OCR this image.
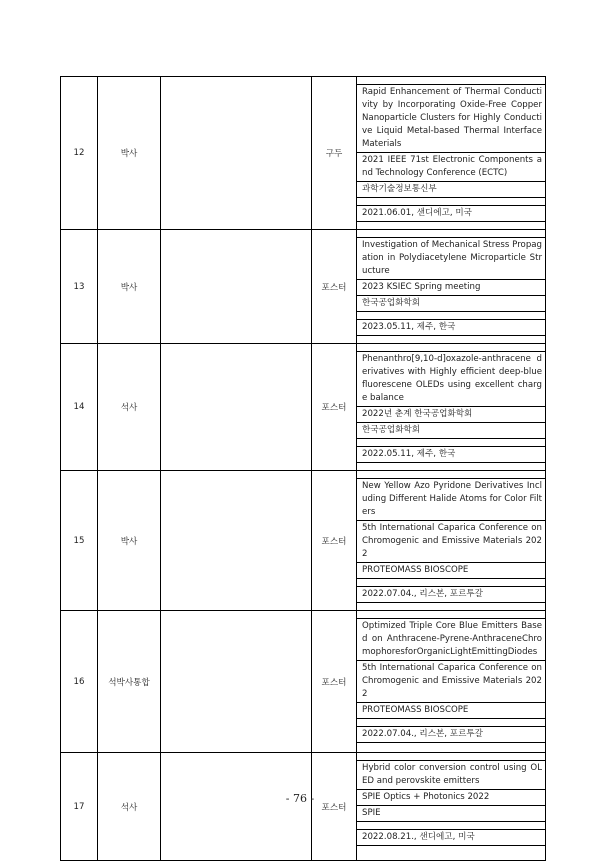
12	박사		구두	

Rapid Enhancement of Thermal Conductivity by Incorporating Oxide-Free Copper Nanoparticle Clusters for Highly Conductive Liquid Metal-based Thermal Interface Materials
2021 IEEE 71st Electronic Components and Technology Conference (ECTC)
과학기술정보통신부

2021.06.01, 샌디에고, 미국

13	박사		포스터	

Investigation of Mechanical Stress Propagation in Polydiacetylene Microparticle Structure
2023 KSIEC Spring meeting
한국공업화학회

2023.05.11, 제주, 한국

14	석사		포스터	

Phenanthro[9,10-d]oxazole-anthracene derivatives with Highly efficient deep-blue fluorescene OLEDs using excellent charge balance
2022년 춘계 한국공업화학회
한국공업화학회

2022.05.11, 제주, 한국

15	박사		포스터	

New Yellow Azo Pyridone Derivatives Including Different Halide Atoms for Color Filters
5th International Caparica Conference on Chromogenic and Emissive Materials 2022
PROTEOMASS BIOSCOPE

2022.07.04., 리스본, 포르투갈

16	석박사통합		포스터	

Optimized Triple Core Blue Emitters Based on Anthracene-Pyrene-AnthraceneChromophoresforOrganicLightEmittingDiodes
5th International Caparica Conference on Chromogenic and Emissive Materials 2022
PROTEOMASS BIOSCOPE

2022.07.04., 리스본, 포르투갈

17	석사		포스터	

Hybrid color conversion control using OLED and perovskite emitters
SPIE Optics + Photonics 2022
SPIE

2022.08.21., 샌디에고, 미국

- 76 -
